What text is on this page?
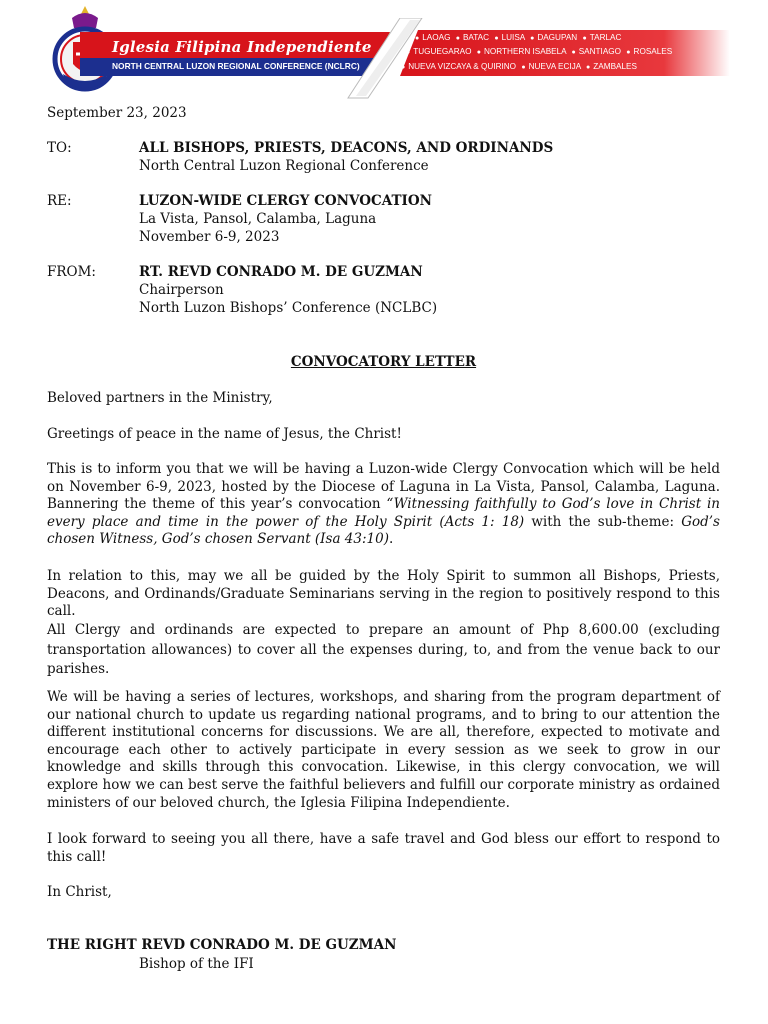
Iglesia Filipina Independiente
NORTH CENTRAL LUZON REGIONAL CONFERENCE (NCLRC)
● LAOAG ● BATAC ● LUISA ● DAGUPAN ● TARLAC
● TUGUEGARAO ● NORTHERN ISABELA ● SANTIAGO ● ROSALES
● NUEVA VIZCAYA & QUIRINO ● NUEVA ECIJA ● ZAMBALES
September 23, 2023
TO:	ALL BISHOPS, PRIESTS, DEACONS, AND ORDINANDS
North Central Luzon Regional Conference
RE:	LUZON-WIDE CLERGY CONVOCATION
La Vista, Pansol, Calamba, Laguna
November 6-9, 2023
FROM:	RT. REVD CONRADO M. DE GUZMAN
Chairperson
North Luzon Bishops’ Conference (NCLBC)
CONVOCATORY LETTER
Beloved partners in the Ministry,
Greetings of peace in the name of Jesus, the Christ!
This is to inform you that we will be having a Luzon-wide Clergy Convocation which will be held on November 6-9, 2023, hosted by the Diocese of Laguna in La Vista, Pansol, Calamba, Laguna. Bannering the theme of this year’s convocation “Witnessing faithfully to God’s love in Christ in every place and time in the power of the Holy Spirit (Acts 1: 18) with the sub-theme: God’s chosen Witness, God’s chosen Servant (Isa 43:10).
In relation to this, may we all be guided by the Holy Spirit to summon all Bishops, Priests, Deacons, and Ordinands/Graduate Seminarians serving in the region to positively respond to this call.
All Clergy and ordinands are expected to prepare an amount of Php 8,600.00 (excluding transportation allowances) to cover all the expenses during, to, and from the venue back to our parishes.
We will be having a series of lectures, workshops, and sharing from the program department of our national church to update us regarding national programs, and to bring to our attention the different institutional concerns for discussions. We are all, therefore, expected to motivate and encourage each other to actively participate in every session as we seek to grow in our knowledge and skills through this convocation. Likewise, in this clergy convocation, we will explore how we can best serve the faithful believers and fulfill our corporate ministry as ordained ministers of our beloved church, the Iglesia Filipina Independiente.
I look forward to seeing you all there, have a safe travel and God bless our effort to respond to this call!
In Christ,
THE RIGHT REVD CONRADO M. DE GUZMAN
Bishop of the IFI
